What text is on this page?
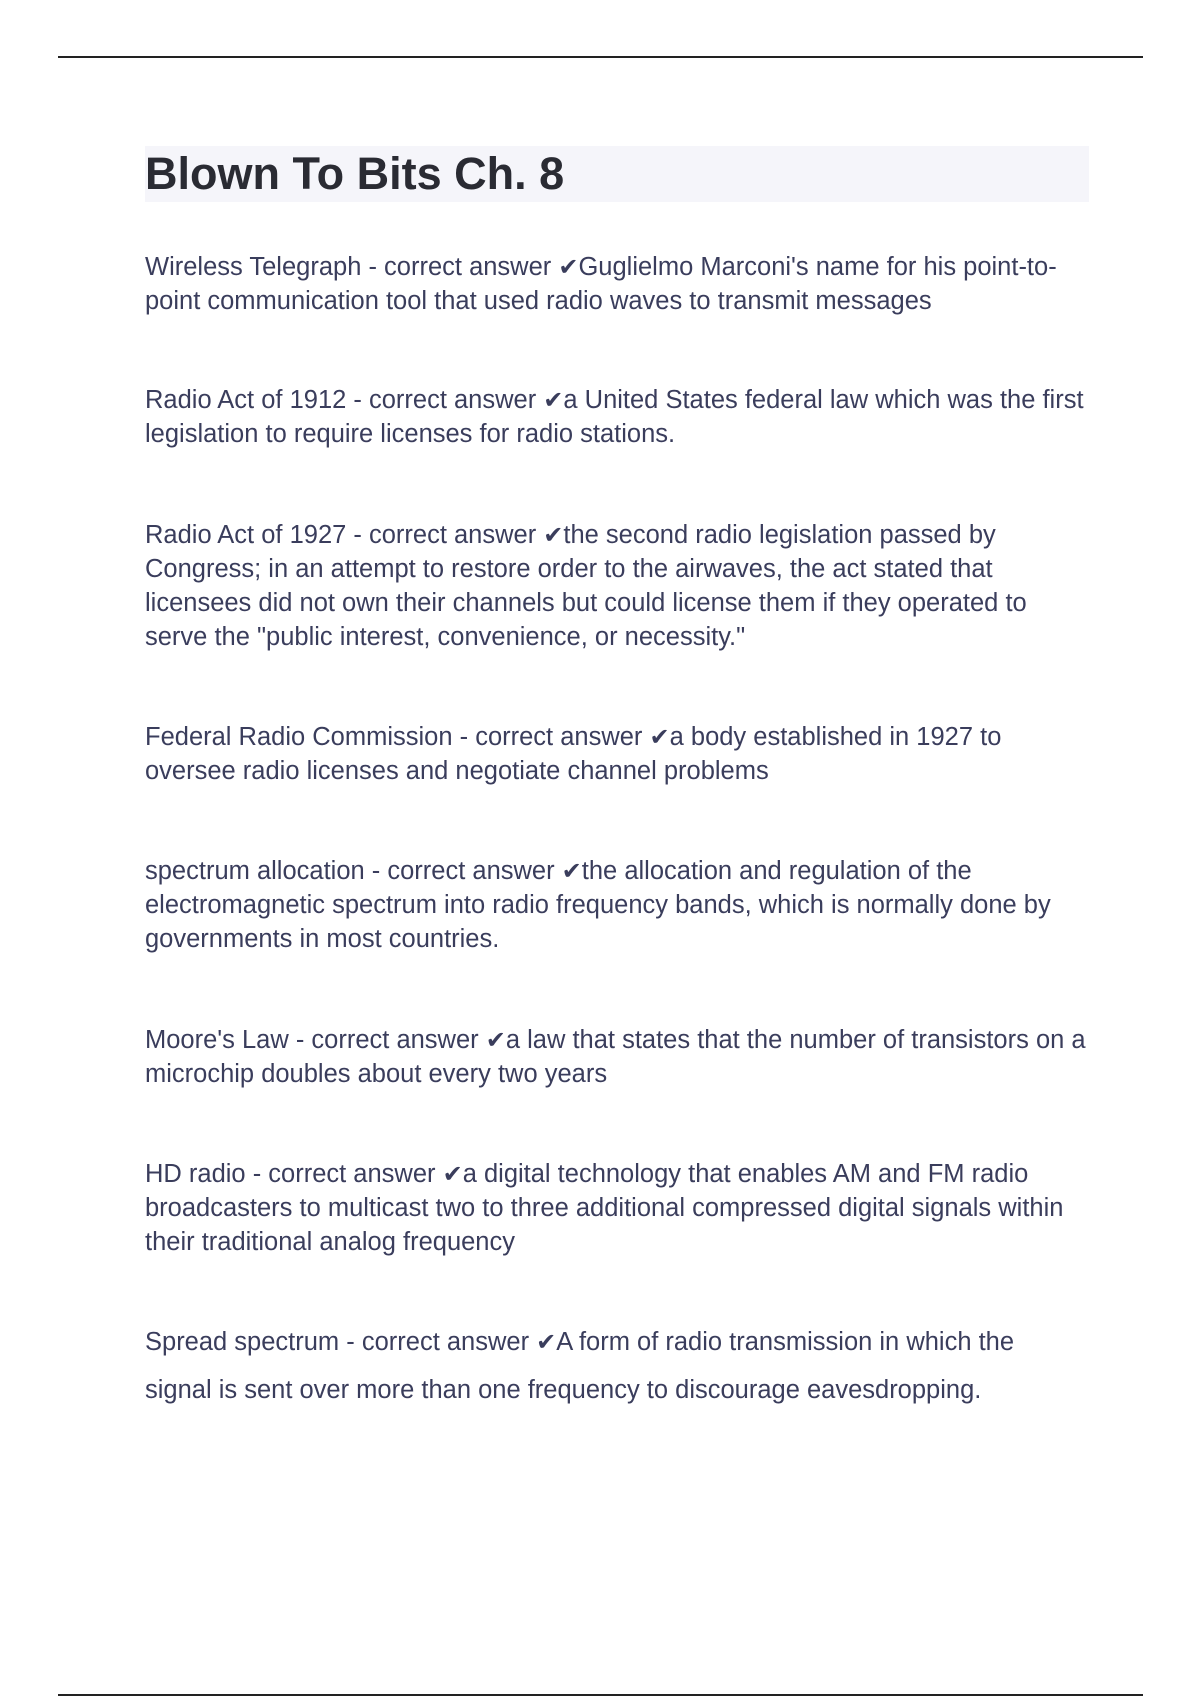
Blown To Bits Ch. 8

Wireless Telegraph - correct answer ✔Guglielmo Marconi's name for his point-to-point communication tool that used radio waves to transmit messages

Radio Act of 1912 - correct answer ✔a United States federal law which was the first legislation to require licenses for radio stations.

Radio Act of 1927 - correct answer ✔the second radio legislation passed by Congress; in an attempt to restore order to the airwaves, the act stated that licensees did not own their channels but could license them if they operated to serve the "public interest, convenience, or necessity."

Federal Radio Commission - correct answer ✔a body established in 1927 to oversee radio licenses and negotiate channel problems

spectrum allocation - correct answer ✔the allocation and regulation of the electromagnetic spectrum into radio frequency bands, which is normally done by governments in most countries.

Moore's Law - correct answer ✔a law that states that the number of transistors on a microchip doubles about every two years

HD radio - correct answer ✔a digital technology that enables AM and FM radio broadcasters to multicast two to three additional compressed digital signals within their traditional analog frequency

Spread spectrum - correct answer ✔A form of radio transmission in which the
signal is sent over more than one frequency to discourage eavesdropping.
